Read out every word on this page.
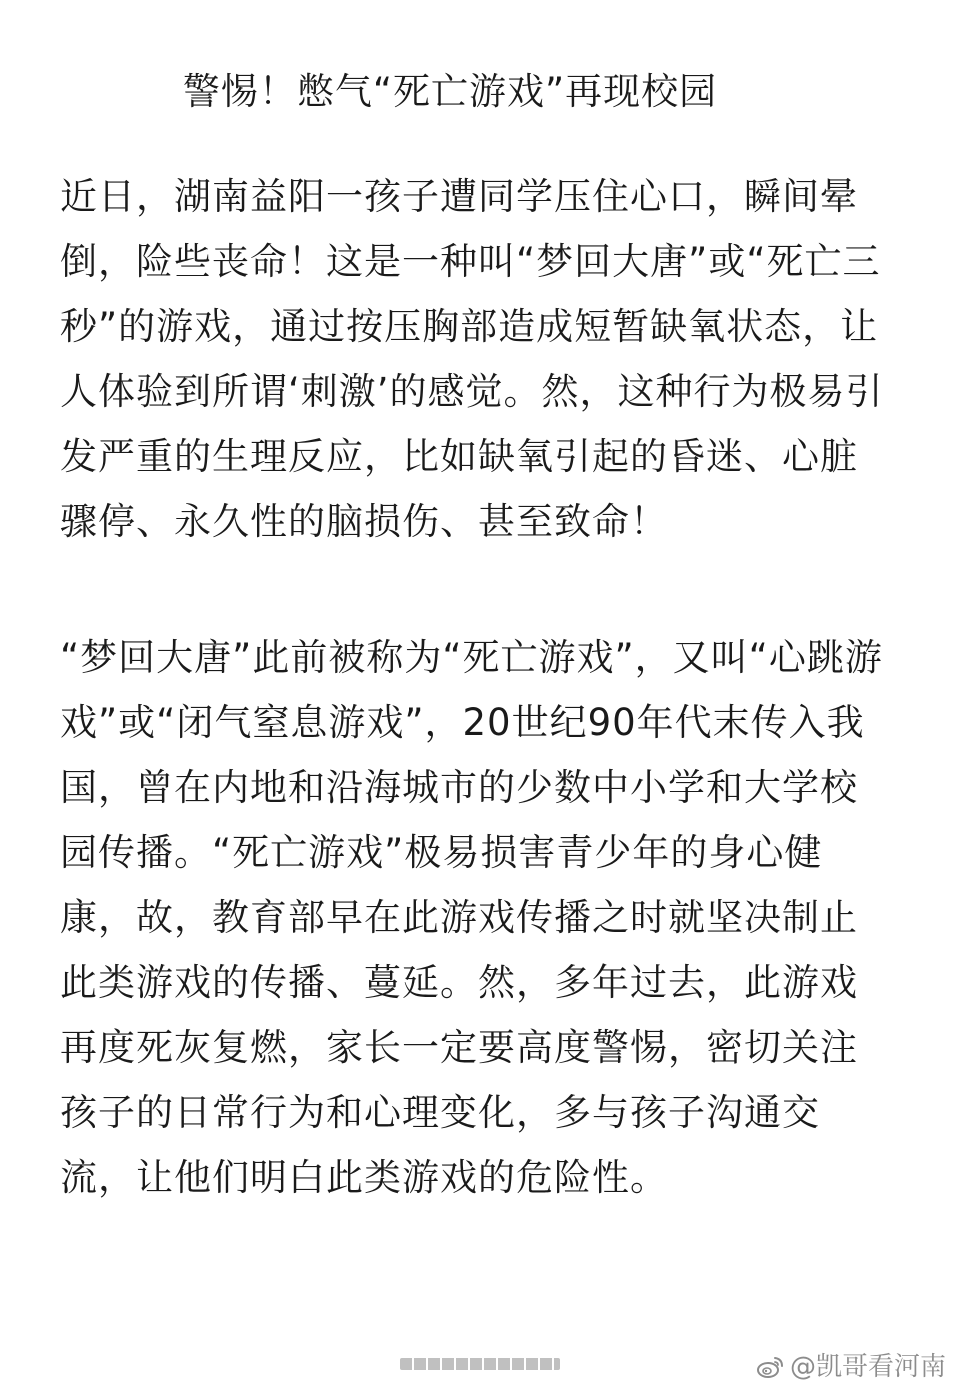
警惕！憋气“死亡游戏”再现校园
近日，湖南益阳一孩子遭同学压住心口，瞬间晕
倒，险些丧命！这是一种叫“梦回大唐”或“死亡三
秒”的游戏，通过按压胸部造成短暂缺氧状态，让
人体验到所谓‘刺激’的感觉。然，这种行为极易引
发严重的生理反应，比如缺氧引起的昏迷、心脏
骤停、永久性的脑损伤、甚至致命！
“梦回大唐”此前被称为“死亡游戏”，又叫“心跳游
戏”或“闭气窒息游戏”，20世纪90年代末传入我
国，曾在内地和沿海城市的少数中小学和大学校
园传播。“死亡游戏”极易损害青少年的身心健
康，故，教育部早在此游戏传播之时就坚决制止
此类游戏的传播、蔓延。然，多年过去，此游戏
再度死灰复燃，家长一定要高度警惕，密切关注
孩子的日常行为和心理变化，多与孩子沟通交
流，让他们明白此类游戏的危险性。
@凯哥看河南
